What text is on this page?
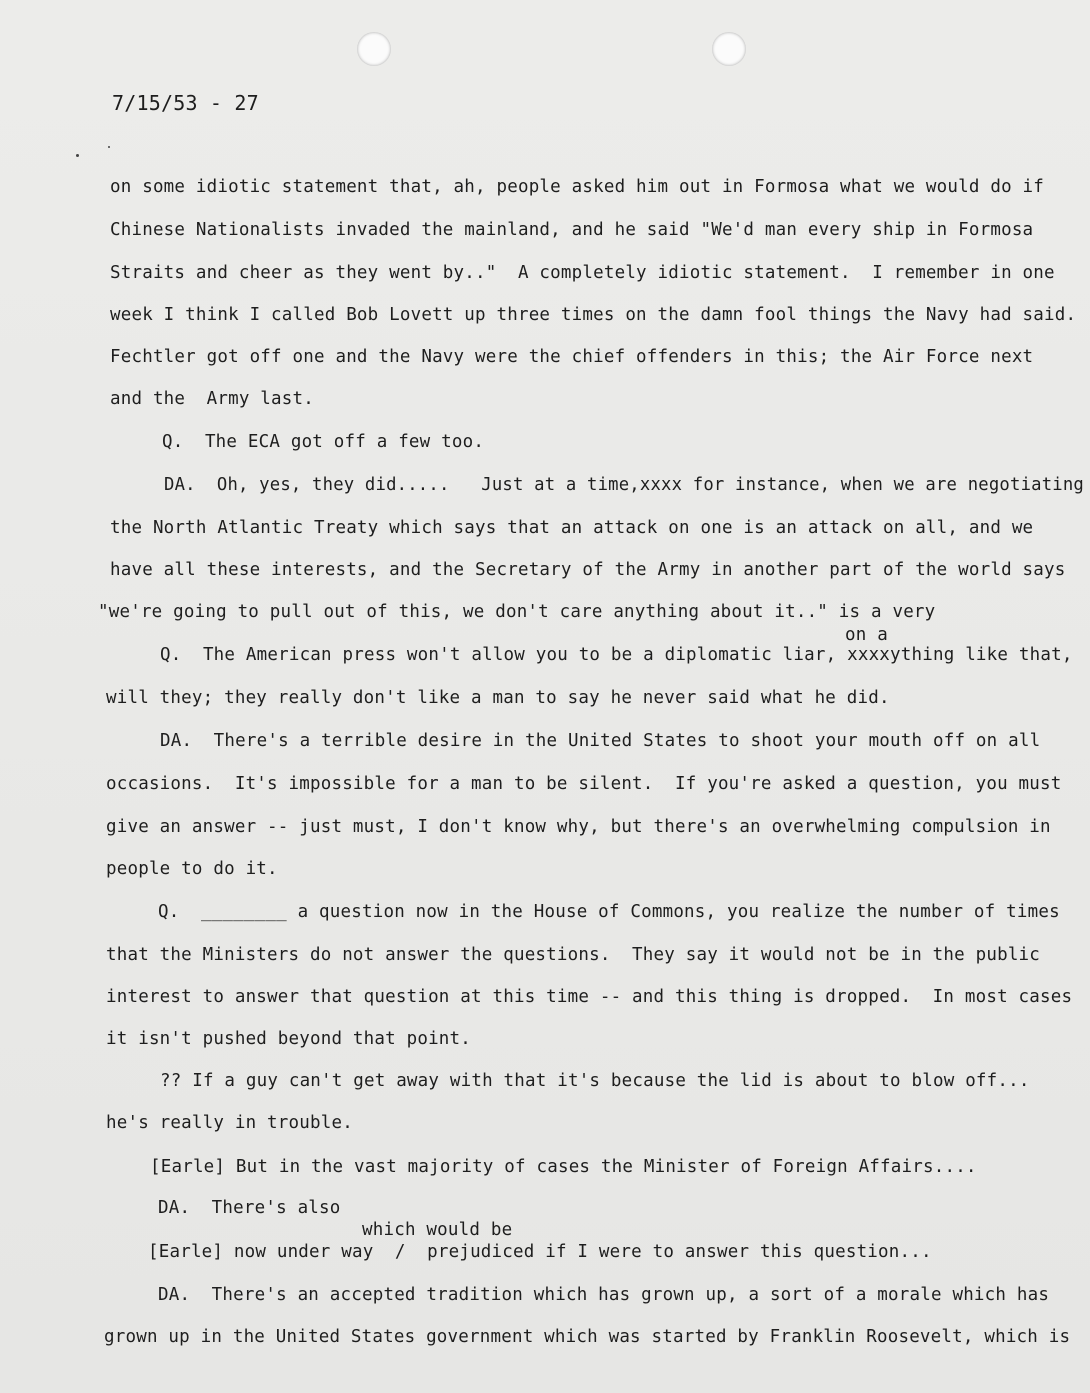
7/15/53 - 27

on some idiotic statement that, ah, people asked him out in Formosa what we would do if

Chinese Nationalists invaded the mainland, and he said "We'd man every ship in Formosa

Straits and cheer as they went by.."  A completely idiotic statement.  I remember in one

week I think I called Bob Lovett up three times on the damn fool things the Navy had said.

Fechtler got off one and the Navy were the chief offenders in this; the Air Force next

and the  Army last.

Q.  The ECA got off a few too.

DA.  Oh, yes, they did.....   Just at a time,xxxx for instance, when we are negotiating

the North Atlantic Treaty which says that an attack on one is an attack on all, and we

have all these interests, and the Secretary of the Army in another part of the world says

"we're going to pull out of this, we don't care anything about it.." is a very

on a

Q.  The American press won't allow you to be a diplomatic liar, xxxxything like that,

will they; they really don't like a man to say he never said what he did.

DA.  There's a terrible desire in the United States to shoot your mouth off on all

occasions.  It's impossible for a man to be silent.  If you're asked a question, you must

give an answer -- just must, I don't know why, but there's an overwhelming compulsion in

people to do it.

Q.  ________ a question now in the House of Commons, you realize the number of times

that the Ministers do not answer the questions.  They say it would not be in the public

interest to answer that question at this time -- and this thing is dropped.  In most cases

it isn't pushed beyond that point.

?? If a guy can't get away with that it's because the lid is about to blow off...

he's really in trouble.

[Earle] But in the vast majority of cases the Minister of Foreign Affairs....

DA.  There's also

which would be

[Earle] now under way  /  prejudiced if I were to answer this question...

DA.  There's an accepted tradition which has grown up, a sort of a morale which has

grown up in the United States government which was started by Franklin Roosevelt, which is
